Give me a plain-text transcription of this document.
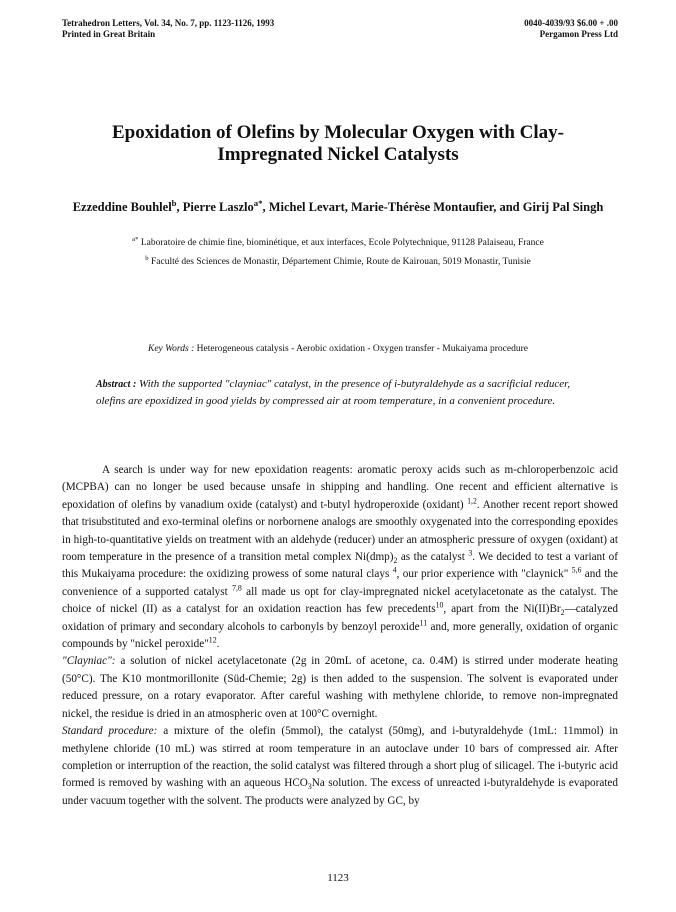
Tetrahedron Letters, Vol. 34, No. 7, pp. 1123-1126, 1993
Printed in Great Britain
0040-4039/93 $6.00 + .00
Pergamon Press Ltd
Epoxidation of Olefins by Molecular Oxygen with Clay-
Impregnated Nickel Catalysts
Ezzeddine Bouhlel$^b$, Pierre Laszlo$^{a*}$, Michel Levart, Marie-Thérèse Montaufier, and Girij Pal Singh
$^{a*}$ Laboratoire de chimie fine, biominétique, et aux interfaces, Ecole Polytechnique, 91128 Palaiseau, France
$^b$ Faculté des Sciences de Monastir, Département Chimie, Route de Kairouan, 5019 Monastir, Tunisie
Key Words : Heterogeneous catalysis - Aerobic oxidation - Oxygen transfer - Mukaiyama procedure
Abstract : With the supported "clayniac" catalyst, in the presence of i-butyraldehyde as a sacrificial reducer, olefins are epoxidized in good yields by compressed air at room temperature, in a convenient procedure.

A search is under way for new epoxidation reagents: aromatic peroxy acids such as m-chloroperbenzoic acid (MCPBA) can no longer be used because unsafe in shipping and handling. One recent and efficient alternative is epoxidation of olefins by vanadium oxide (catalyst) and t-butyl hydroperoxide (oxidant) $^{1,2}$. Another recent report showed that trisubstituted and exo-terminal olefins or norbornene analogs are smoothly oxygenated into the corresponding epoxides in high-to-quantitative yields on treatment with an aldehyde (reducer) under an atmospheric pressure of oxygen (oxidant) at room temperature in the presence of a transition metal complex $Ni(dmp)_2$ as the catalyst $^3$. We decided to test a variant of this Mukaiyama procedure: the oxidizing prowess of some natural clays $^4$, our prior experience with "claynick" $^{5,6}$ and the convenience of a supported catalyst $^{7,8}$ all made us opt for clay-impregnated nickel acetylacetonate as the catalyst. The choice of nickel (II) as a catalyst for an oxidation reaction has few precedents$^{10}$, apart from the $Ni(II)Br_2—catalyzed$ oxidation of primary and secondary alcohols to carbonyls by benzoyl peroxide$^{11}$ and, more generally, oxidation of organic compounds by "nickel peroxide"$^{12}$.

"Clayniac": a solution of nickel acetylacetonate (2g in 20mL of acetone, ca. 0.4M) is stirred under moderate heating (50°C). The K10 montmorillonite (Süd-Chemie; 2g) is then added to the suspension. The solvent is evaporated under reduced pressure, on a rotary evaporator. After careful washing with methylene chloride, to remove non-impregnated nickel, the residue is dried in an atmospheric oven at 100°C overnight.

Standard procedure: a mixture of the olefin (5mmol), the catalyst (50mg), and i-butyraldehyde (1mL: 11mmol) in methylene chloride (10 mL) was stirred at room temperature in an autoclave under 10 bars of compressed air. After completion or interruption of the reaction, the solid catalyst was filtered through a short plug of silicagel. The i-butyric acid formed is removed by washing with an aqueous $HCO_3Na$ solution. The excess of unreacted i-butyraldehyde is evaporated under vacuum together with the solvent. The products were analyzed by GC, by

1123
